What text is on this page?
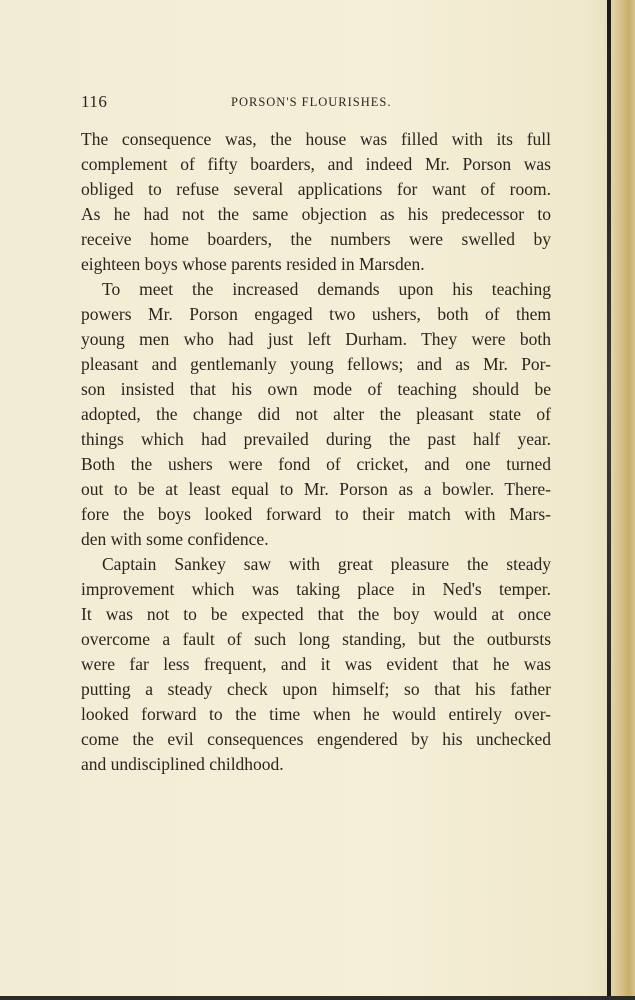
116	PORSON'S FLOURISHES.
The consequence was, the house was filled with its full
complement of fifty boarders, and indeed Mr. Porson was
obliged to refuse several applications for want of room.
As he had not the same objection as his predecessor to
receive home boarders, the numbers were swelled by
eighteen boys whose parents resided in Marsden.
To meet the increased demands upon his teaching
powers Mr. Porson engaged two ushers, both of them
young men who had just left Durham. They were both
pleasant and gentlemanly young fellows; and as Mr. Por-
son insisted that his own mode of teaching should be
adopted, the change did not alter the pleasant state of
things which had prevailed during the past half year.
Both the ushers were fond of cricket, and one turned
out to be at least equal to Mr. Porson as a bowler. There-
fore the boys looked forward to their match with Mars-
den with some confidence.
Captain Sankey saw with great pleasure the steady
improvement which was taking place in Ned's temper.
It was not to be expected that the boy would at once
overcome a fault of such long standing, but the outbursts
were far less frequent, and it was evident that he was
putting a steady check upon himself; so that his father
looked forward to the time when he would entirely over-
come the evil consequences engendered by his unchecked
and undisciplined childhood.
